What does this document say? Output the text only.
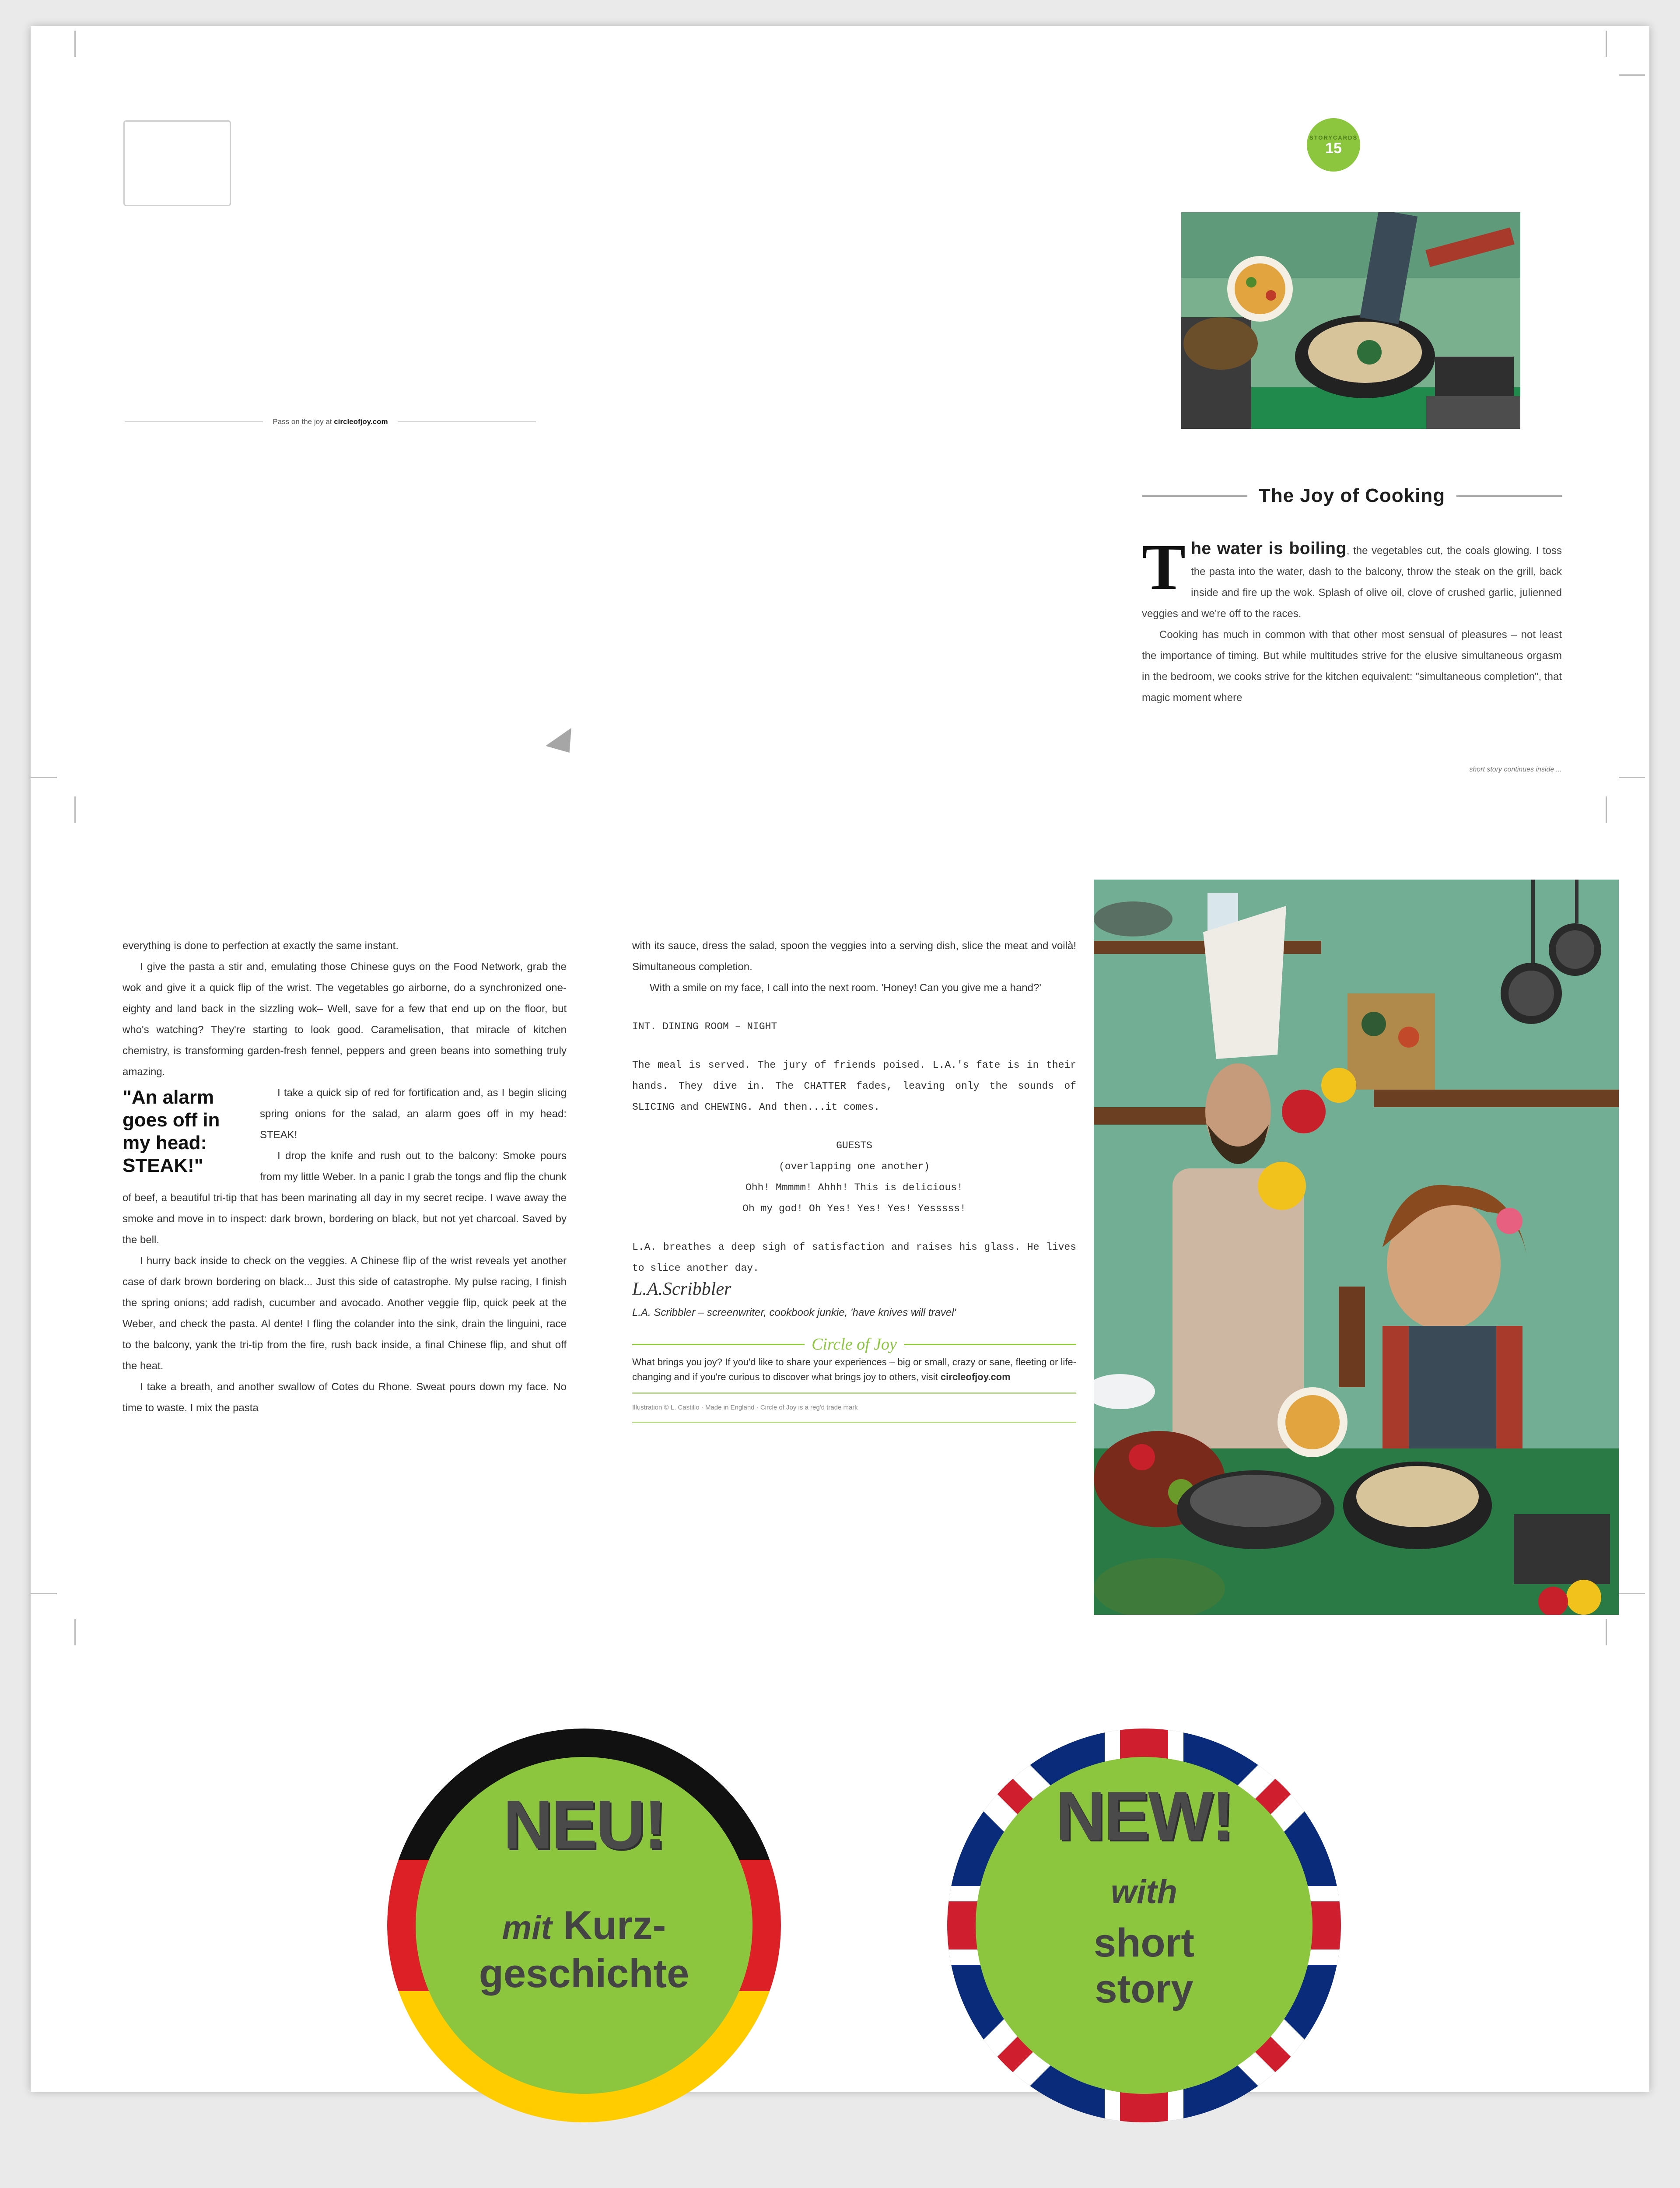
Pass on the joy at circleofjoy.com
STORYCARDS
15
The Joy of Cooking

The water is boiling, the vegetables cut, the coals glowing. I toss the pasta into the water, dash to the balcony, throw the steak on the grill, back inside and fire up the wok. Splash of olive oil, clove of crushed garlic, julienned veggies and we're off to the races.

Cooking has much in common with that other most sensual of pleasures – not least the importance of timing. But while multitudes strive for the elusive simultaneous orgasm in the bedroom, we cooks strive for the kitchen equivalent: "simultaneous completion", that magic moment where

short story continues inside ...

everything is done to perfection at exactly the same instant.

I give the pasta a stir and, emulating those Chinese guys on the Food Network, grab the wok and give it a quick flip of the wrist. The vegetables go airborne, do a synchronized one-eighty and land back in the sizzling wok– Well, save for a few that end up on the floor, but who's watching? They're starting to look good. Caramelisation, that miracle of kitchen chemistry, is transforming garden-fresh fennel, peppers and green beans into something truly amazing.

"An alarm goes off in my head: STEAK!"

I take a quick sip of red for fortification and, as I begin slicing spring onions for the salad, an alarm goes off in my head: STEAK!

I drop the knife and rush out to the balcony: Smoke pours from my little Weber. In a panic I grab the tongs and flip the chunk of beef, a beautiful tri-tip that has been marinating all day in my secret recipe. I wave away the smoke and move in to inspect: dark brown, bordering on black, but not yet charcoal. Saved by the bell.

I hurry back inside to check on the veggies. A Chinese flip of the wrist reveals yet another case of dark brown bordering on black... Just this side of catastrophe. My pulse racing, I finish the spring onions; add radish, cucumber and avocado. Another veggie flip, quick peek at the Weber, and check the pasta. Al dente! I fling the colander into the sink, drain the linguini, race to the balcony, yank the tri-tip from the fire, rush back inside, a final Chinese flip, and shut off the heat.

I take a breath, and another swallow of Cotes du Rhone. Sweat pours down my face. No time to waste. I mix the pasta

with its sauce, dress the salad, spoon the veggies into a serving dish, slice the meat and voilà! Simultaneous completion.

With a smile on my face, I call into the next room. 'Honey! Can you give me a hand?'

INT. DINING ROOM – NIGHT

The meal is served. The jury of friends poised. L.A.'s fate is in their hands. They dive in. The CHATTER fades, leaving only the sounds of SLICING and CHEWING. And then...it comes.

GUESTS

(overlapping one another)

Ohh! Mmmmm! Ahhh! This is delicious!

Oh my god! Oh Yes! Yes! Yes! Yesssss!

L.A. breathes a deep sigh of satisfaction and raises his glass. He lives to slice another day.

L.A.Scribbler

L.A. Scribbler – screenwriter, cookbook junkie, 'have knives will travel'

Circle of Joy

What brings you joy? If you'd like to share your experiences – big or small, crazy or sane, fleeting or life-changing and if you're curious to discover what brings joy to others, visit circleofjoy.com

Illustration © L. Castillo · Made in England · Circle of Joy is a reg'd trade mark
NEU!
mit Kurz-
geschichte
NEW!
with
short
story
